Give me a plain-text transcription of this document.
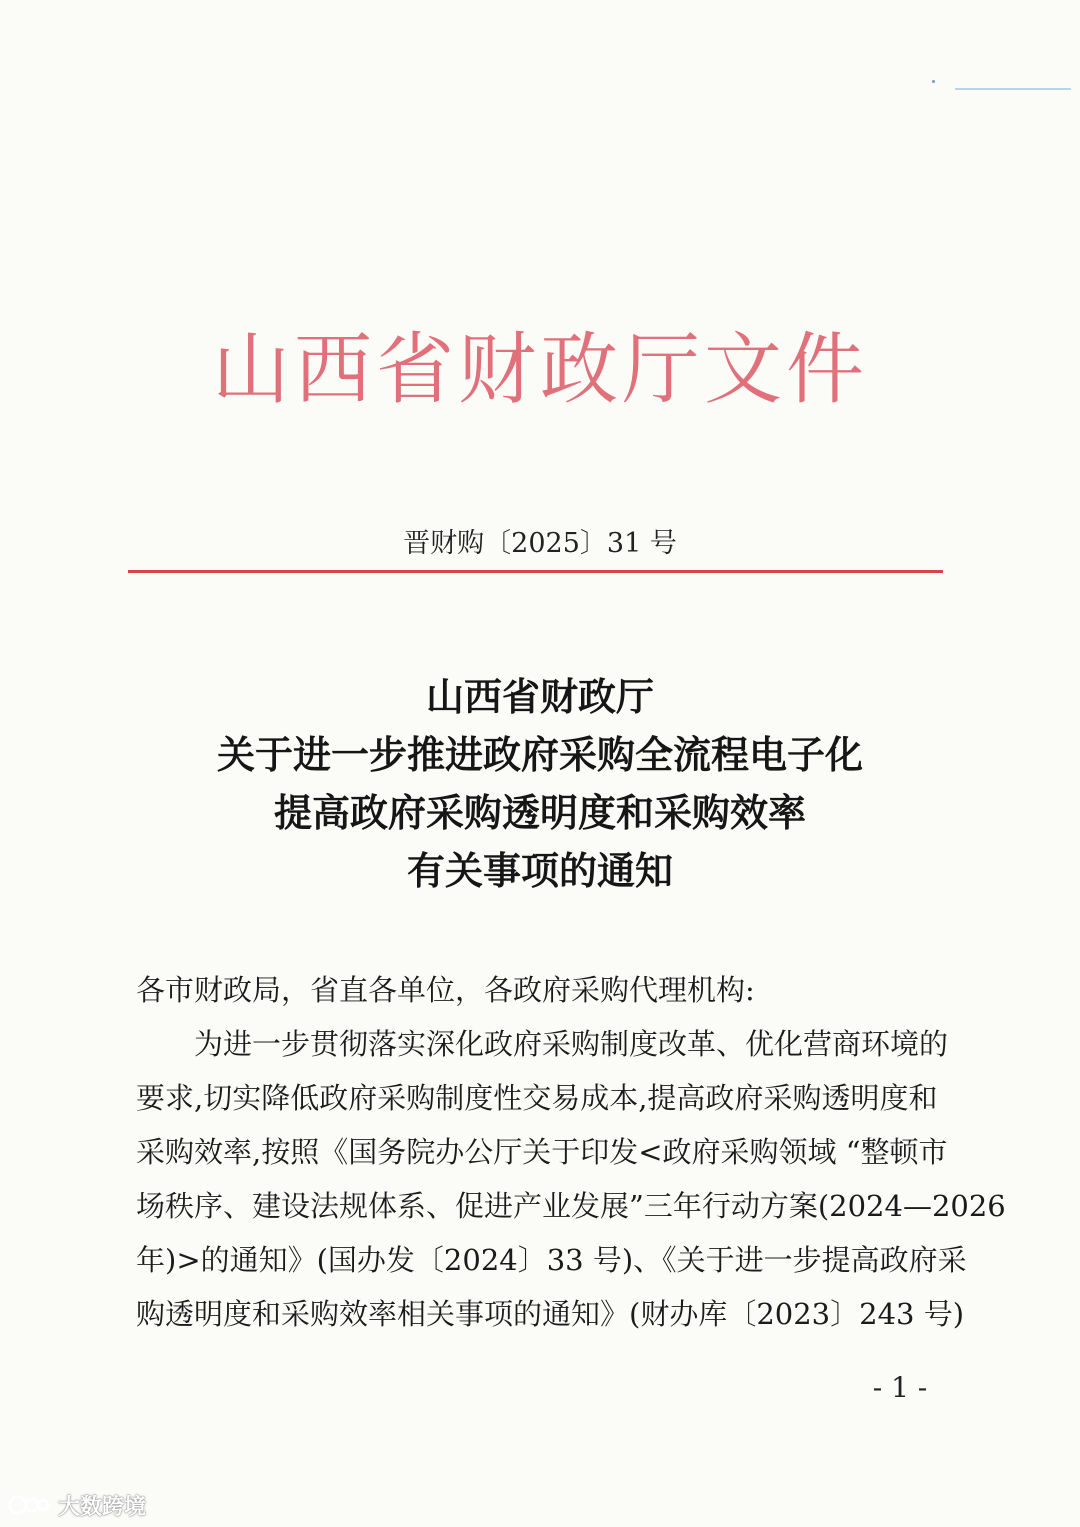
山西省财政厅文件
晋财购〔2025〕31 号
山西省财政厅
关于进一步推进政府采购全流程电子化
提高政府采购透明度和采购效率
有关事项的通知
各市财政局，省直各单位，各政府采购代理机构:
为进一步贯彻落实深化政府采购制度改革、优化营商环境的
要求,切实降低政府采购制度性交易成本,提高政府采购透明度和
采购效率,按照《国务院办公厅关于印发<政府采购领域 “整顿市
场秩序、建设法规体系、促进产业发展”三年行动方案(2024—2026
年)>的通知》(国办发〔2024〕33 号)、《关于进一步提高政府采
购透明度和采购效率相关事项的通知》(财办库〔2023〕243 号)
- 1 -
大数跨境
